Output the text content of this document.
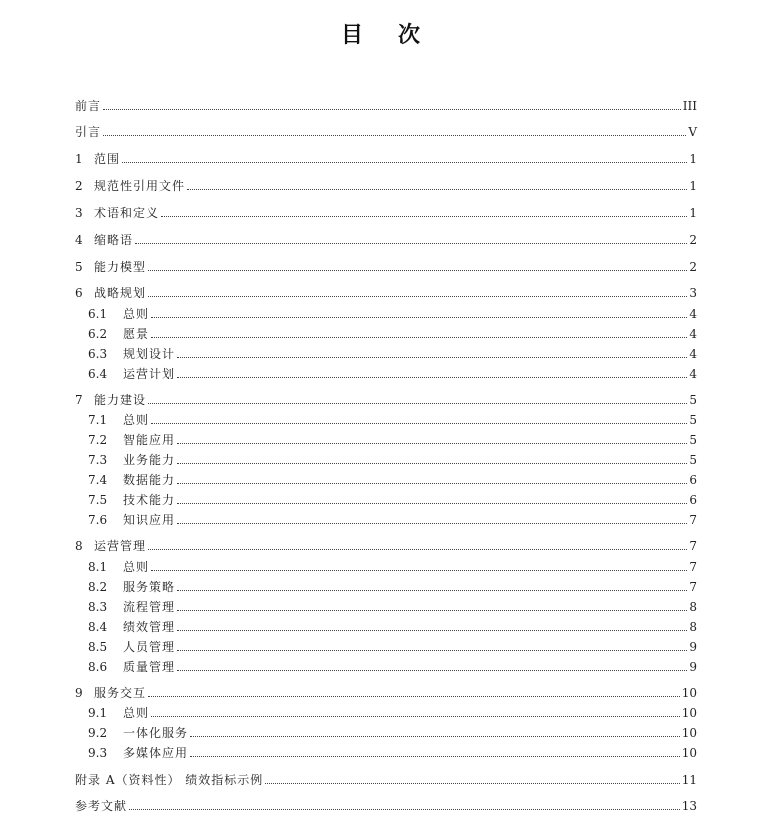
目 次
前言	III
引言	V
1 范围	1
2 规范性引用文件	1
3 术语和定义	1
4 缩略语	2
5 能力模型	2
6 战略规划	3
6.1	总则	4
6.2	愿景	4
6.3	规划设计	4
6.4	运营计划	4
7 能力建设	5
7.1	总则	5
7.2	智能应用	5
7.3	业务能力	5
7.4	数据能力	6
7.5	技术能力	6
7.6	知识应用	7
8 运营管理	7
8.1	总则	7
8.2	服务策略	7
8.3	流程管理	8
8.4	绩效管理	8
8.5	人员管理	9
8.6	质量管理	9
9 服务交互	10
9.1	总则	10
9.2	一体化服务	10
9.3	多媒体应用	10
附录 A（资料性） 绩效指标示例	11
参考文献	13
